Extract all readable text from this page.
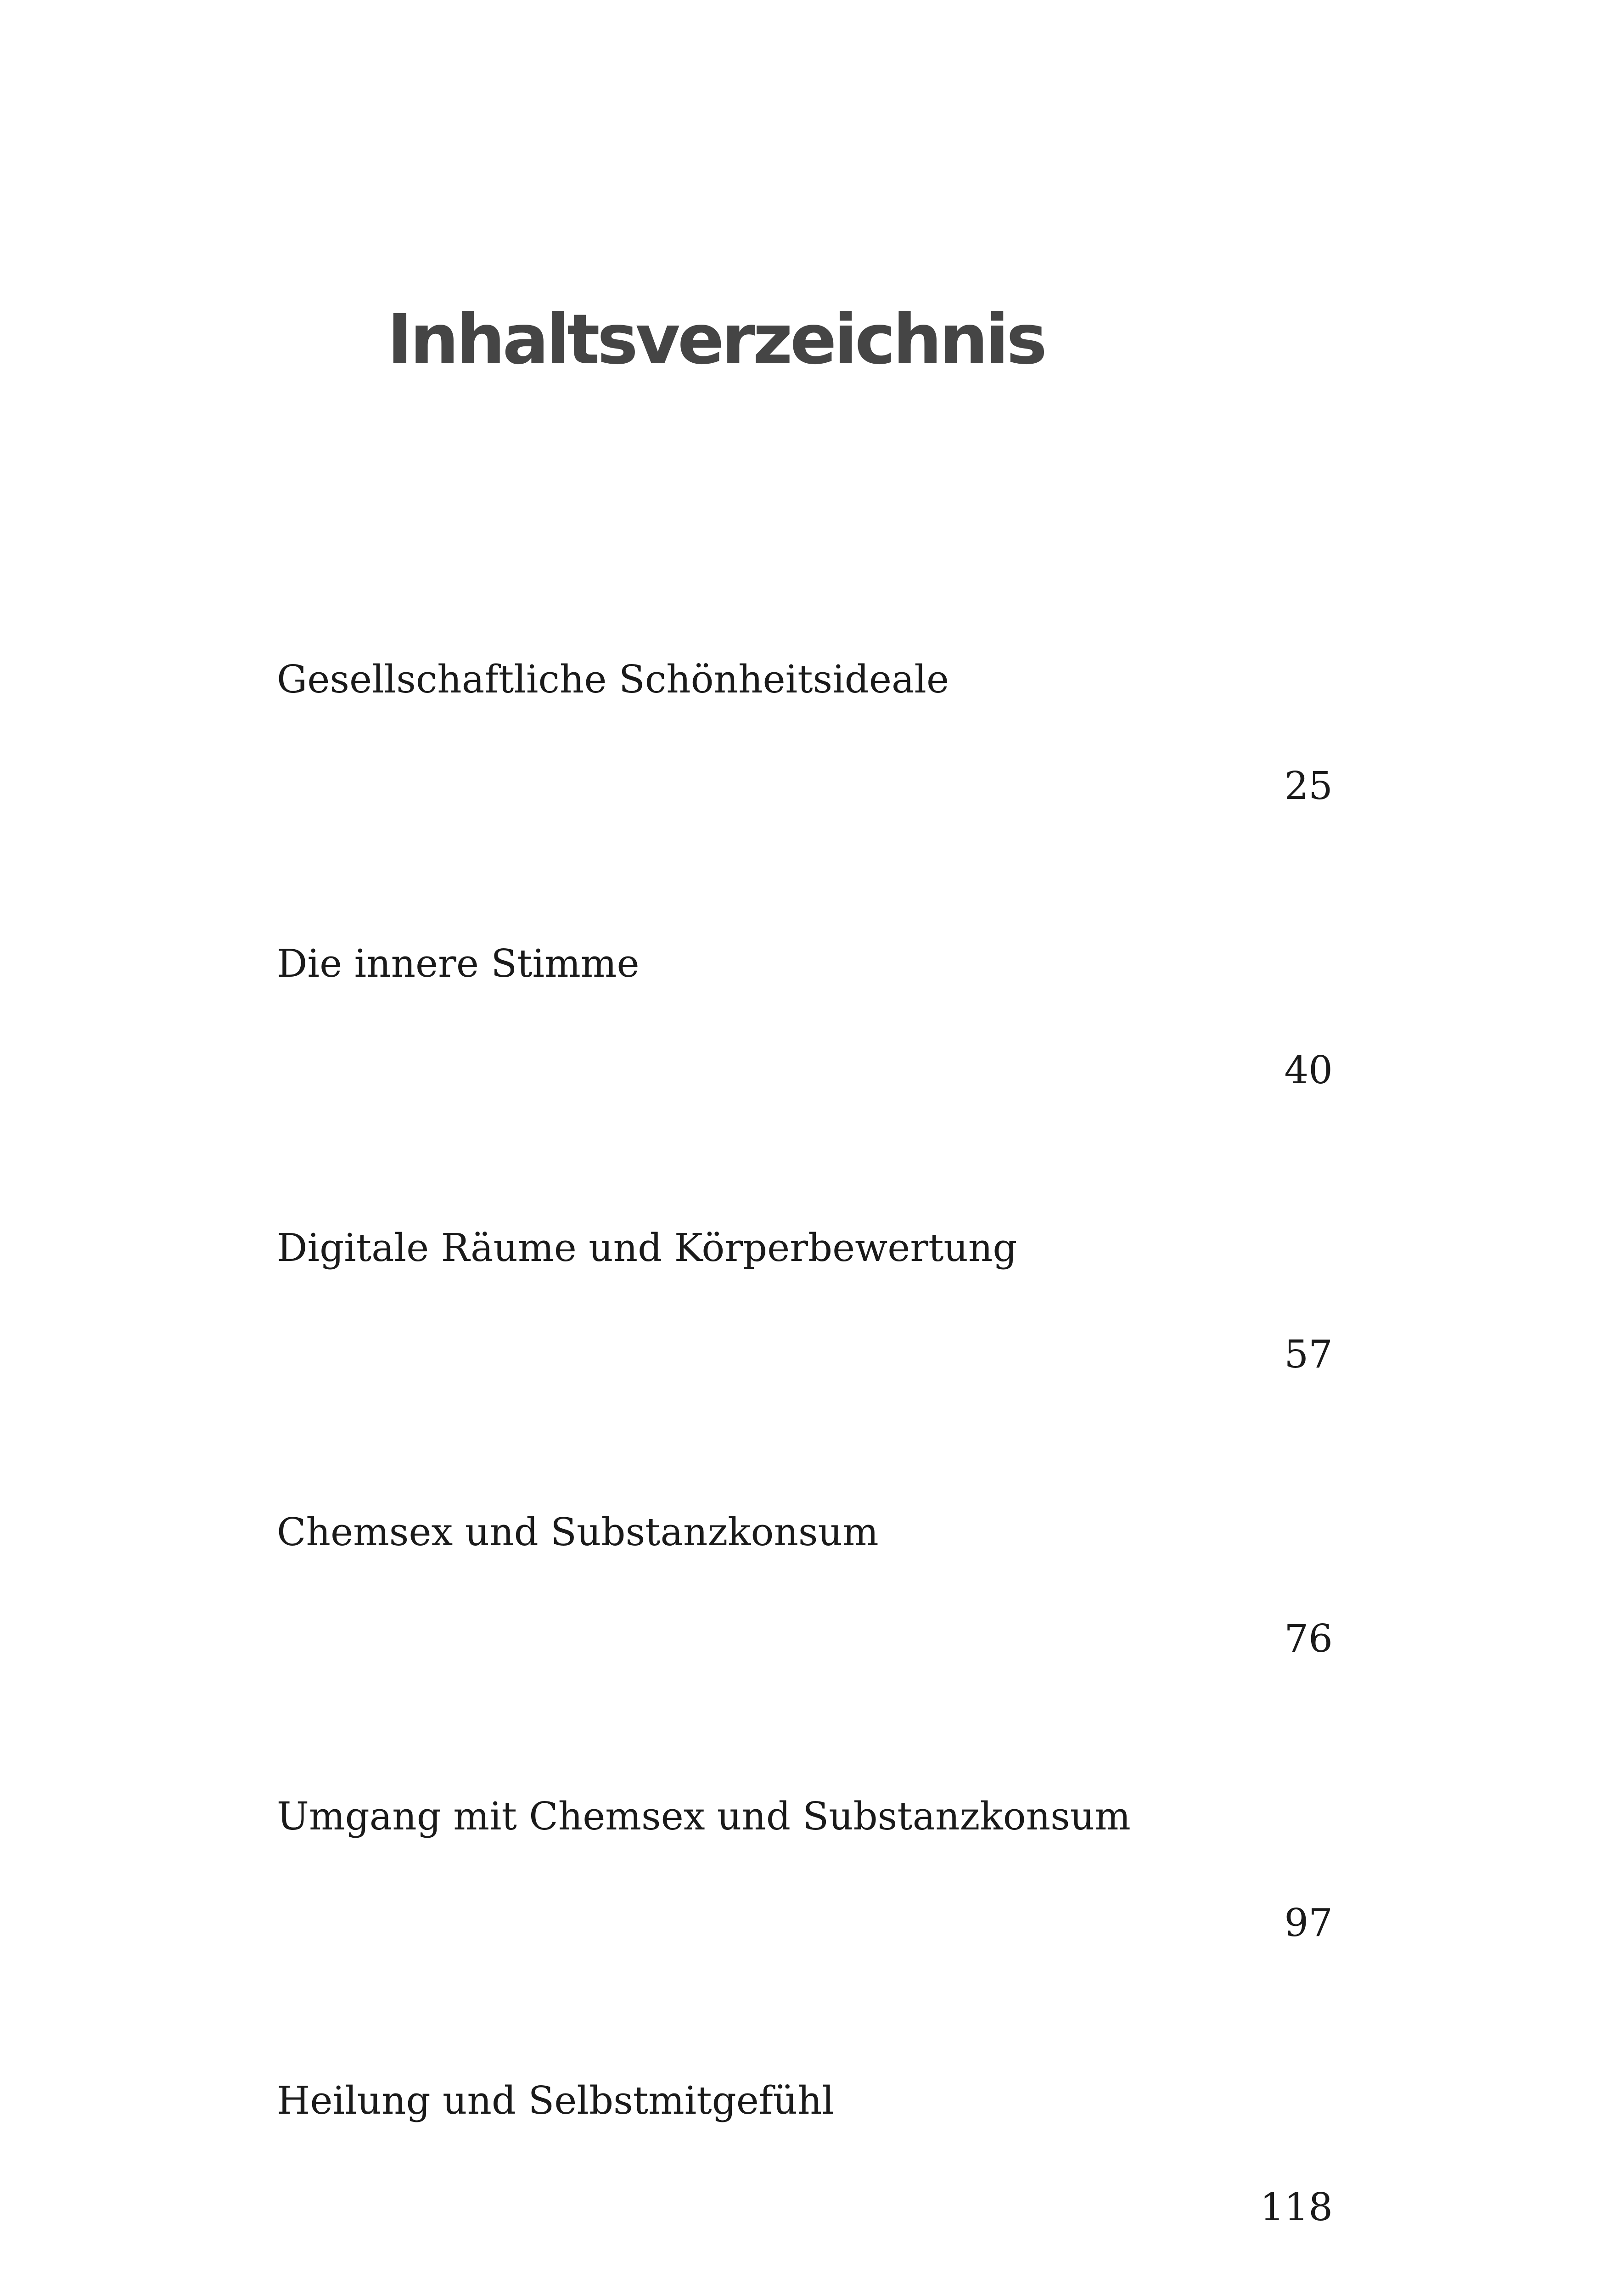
Inhaltsverzeichnis

Gesellschaftliche Schönheitsideale

25

Die innere Stimme

40

Digitale Räume und Körperbewertung

57

Chemsex und Substanzkonsum

76

Umgang mit Chemsex und Substanzkonsum

97

Heilung und Selbstmitgefühl

118
